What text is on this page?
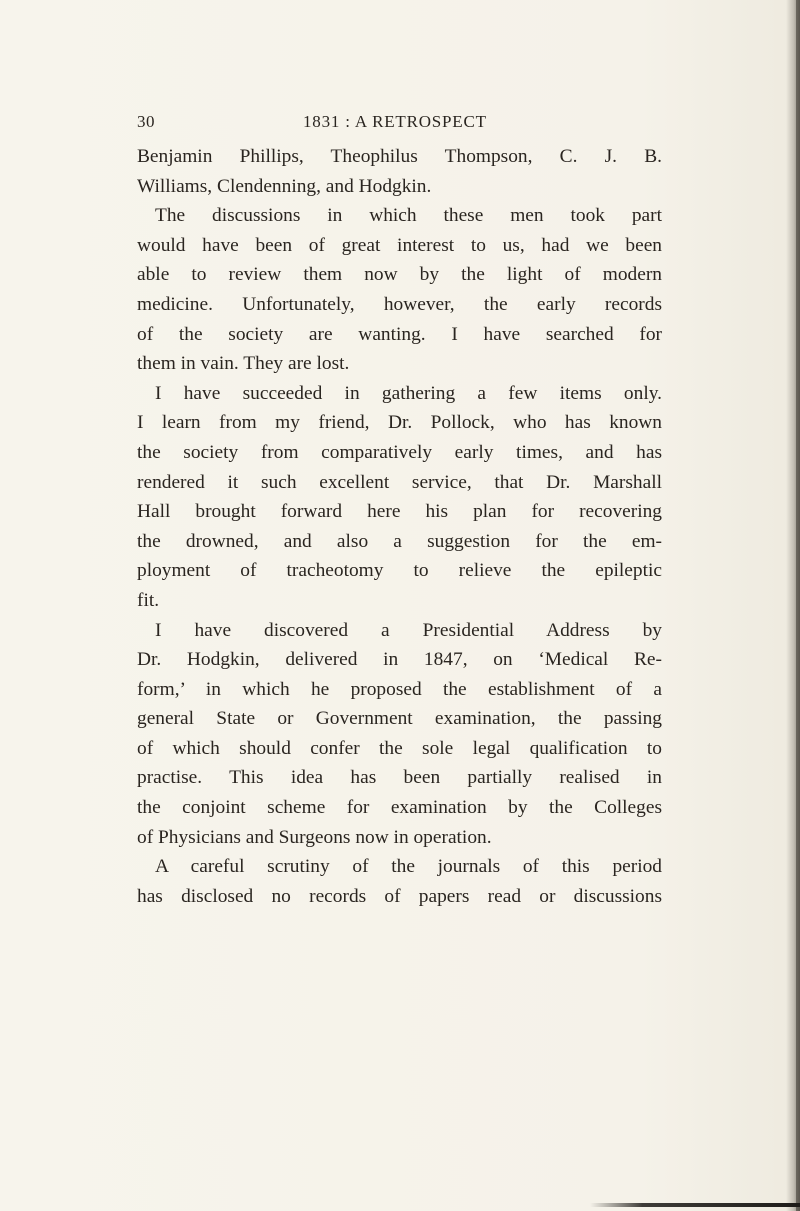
30	1831 : A RETROSPECT
Benjamin Phillips, Theophilus Thompson, C. J. B.
Williams, Clendenning, and Hodgkin.
The discussions in which these men took part
would have been of great interest to us, had we been
able to review them now by the light of modern
medicine. Unfortunately, however, the early records
of the society are wanting. I have searched for
them in vain. They are lost.
I have succeeded in gathering a few items only.
I learn from my friend, Dr. Pollock, who has known
the society from comparatively early times, and has
rendered it such excellent service, that Dr. Marshall
Hall brought forward here his plan for recovering
the drowned, and also a suggestion for the em-
ployment of tracheotomy to relieve the epileptic
fit.
I have discovered a Presidential Address by
Dr. Hodgkin, delivered in 1847, on ‘Medical Re-
form,’ in which he proposed the establishment of a
general State or Government examination, the passing
of which should confer the sole legal qualification to
practise. This idea has been partially realised in
the conjoint scheme for examination by the Colleges
of Physicians and Surgeons now in operation.
A careful scrutiny of the journals of this period
has disclosed no records of papers read or discussions
